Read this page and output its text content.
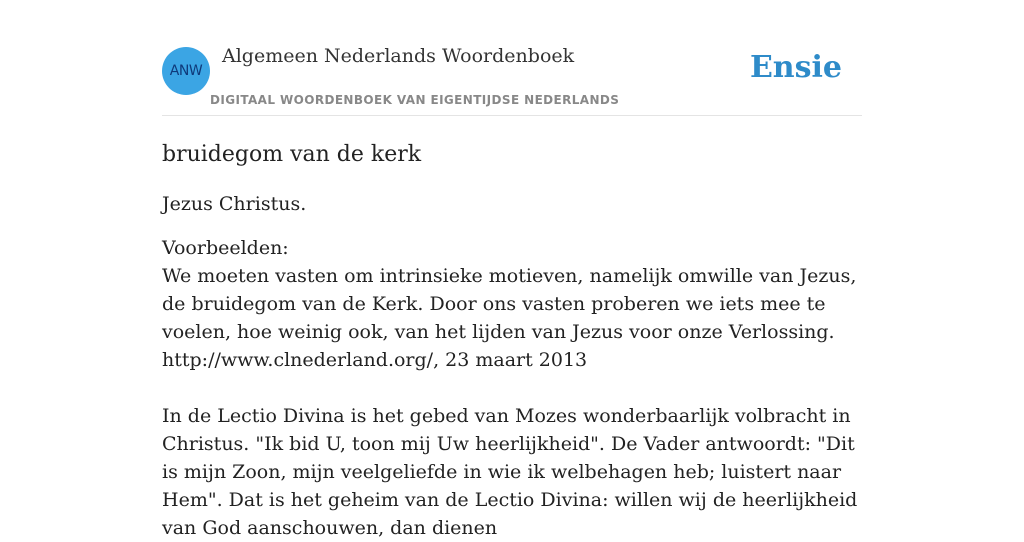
ANW
Algemeen Nederlands Woordenboek
DIGITAAL WOORDENBOEK VAN EIGENTIJDSE NEDERLANDS
Ensie
bruidegom van de kerk

Jezus Christus.

Voorbeelden:
We moeten vasten om intrinsieke motieven, namelijk omwille van Jezus, de bruidegom van de Kerk. Door ons vasten proberen we iets mee te voelen, hoe weinig ook, van het lijden van Jezus voor onze Verlossing.
http://www.clnederland.org/, 23 maart 2013
In de Lectio Divina is het gebed van Mozes wonderbaarlijk volbracht in Christus. "Ik bid U, toon mij Uw heerlijkheid". De Vader antwoordt: "Dit is mijn Zoon, mijn veelgeliefde in wie ik welbehagen heb; luistert naar Hem". Dat is het geheim van de Lectio Divina: willen wij de heerlijkheid van God aanschouwen, dan dienen
